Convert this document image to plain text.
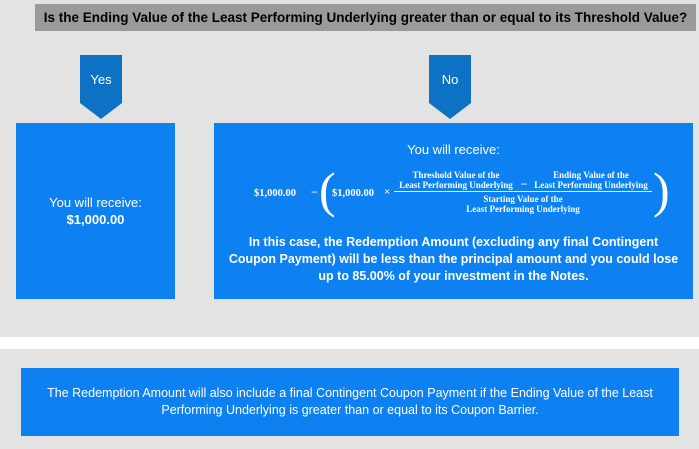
Is the Ending Value of the Least Performing Underlying greater than or equal to its Threshold Value?
Yes	No
You will receive:
$1,000.00
You will receive:
$1,000.00 − (
$1,000.00 ×
Threshold Value of the
Least Performing Underlying −
Ending Value of the
Least Performing Underlying
Starting Value of the
Least Performing Underlying	)
In this case, the Redemption Amount (excluding any final Contingent Coupon Payment) will be less than the principal amount and you could lose up to 85.00% of your investment in the Notes.
The Redemption Amount will also include a final Contingent Coupon Payment if the Ending Value of the Least Performing Underlying is greater than or equal to its Coupon Barrier.
